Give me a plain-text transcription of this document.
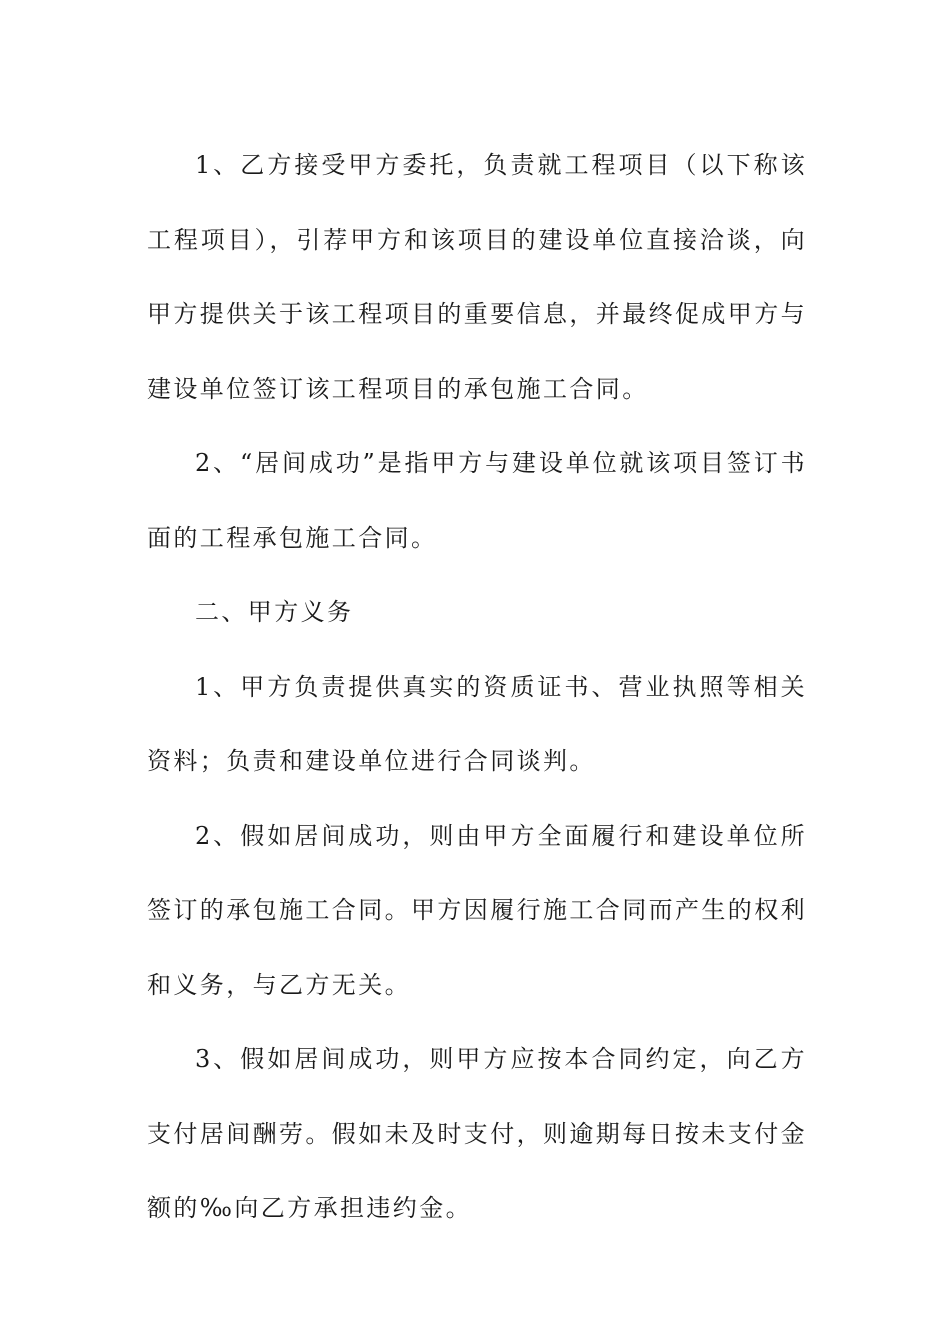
1、乙方接受甲方委托，负责就工程项目（以下称该工程项目），引荐甲方和该项目的建设单位直接洽谈，向甲方提供关于该工程项目的重要信息，并最终促成甲方与建设单位签订该工程项目的承包施工合同。

2、“居间成功”是指甲方与建设单位就该项目签订书面的工程承包施工合同。

二、甲方义务

1、甲方负责提供真实的资质证书、营业执照等相关资料；负责和建设单位进行合同谈判。

2、假如居间成功，则由甲方全面履行和建设单位所签订的承包施工合同。甲方因履行施工合同而产生的权利和义务，与乙方无关。

3、假如居间成功，则甲方应按本合同约定，向乙方支付居间酬劳。假如未及时支付，则逾期每日按未支付金额的‰向乙方承担违约金。
